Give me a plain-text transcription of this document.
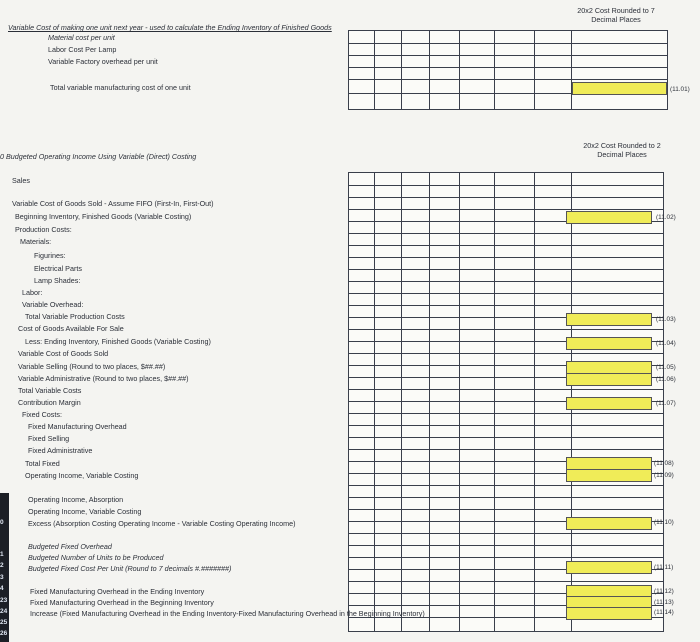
Variable Cost of making one unit next year - used to calculate the Ending Inventory of Finished Goods
20x2 Cost Rounded to 7
Decimal Places
Material cost per unit
Labor Cost Per Lamp
Variable Factory overhead per unit
Total variable manufacturing cost of one unit	(11.01)
0 Budgeted Operating Income Using Variable (Direct) Costing
20x2 Cost Rounded to 2
Decimal Places
Sales
Variable Cost of Goods Sold - Assume FIFO (First-In, First-Out)
Beginning Inventory, Finished Goods (Variable Costing)
Production Costs:
Materials:
Figurines:
Electrical Parts
Lamp Shades:
Labor:
Variable Overhead:
Total Variable Production Costs
Cost of Goods Available For Sale
Less: Ending Inventory, Finished Goods (Variable Costing)
Variable Cost of Goods Sold
Variable Selling (Round to two places, $##.##)
Variable Administrative (Round to two places, $##.##)
Total Variable Costs
Contribution Margin
Fixed Costs:
Fixed Manufacturing Overhead
Fixed Selling
Fixed Administrative
Total Fixed
Operating Income, Variable Costing
Operating Income, Absorption
Operating Income, Variable Costing
Excess (Absorption Costing Operating Income - Variable Costing Operating Income)
Budgeted Fixed Overhead
Budgeted Number of Units to be Produced
Budgeted Fixed Cost Per Unit (Round to 7 decimals #.#######)
Fixed Manufacturing Overhead in the Ending Inventory
Fixed Manufacturing Overhead in the Beginning Inventory
Increase (Fixed Manufacturing Overhead in the Ending Inventory-Fixed Manufacturing Overhead in the Beginning Inventory)
(11.02)
(11.03)
(11.04)
(11.05)
(11.06)
(11.07)
(11.08)
(11.09)
(11.10)
(11.11)
(11.12)
(11.13)
(11.14)
0
1
2
3
4
23
24
25
26
